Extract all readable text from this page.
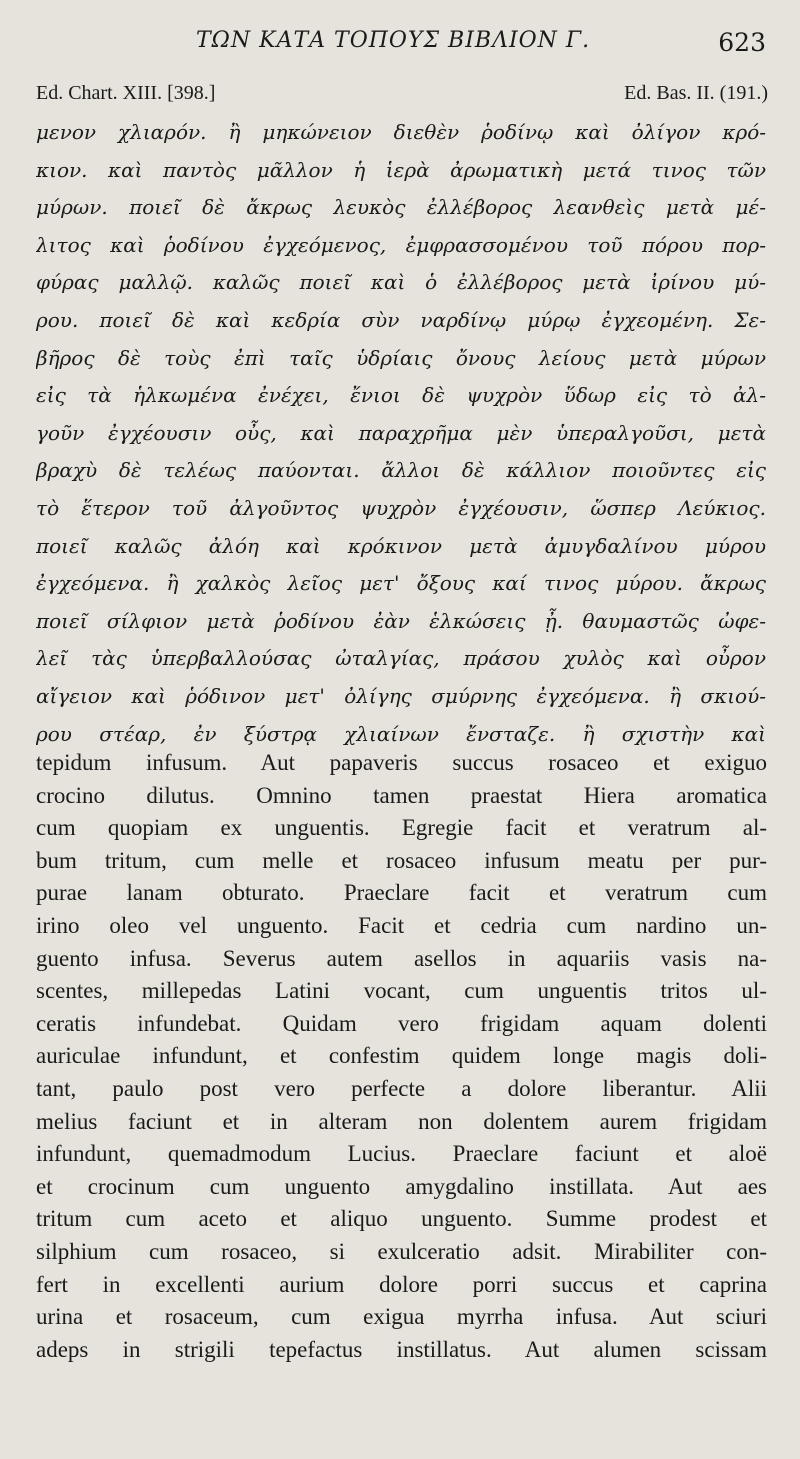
ΤΩΝ ΚΑΤΑ ΤΟΠΟΥΣ ΒΙΒΛΙΟΝ Γ.	623
Ed. Chart. XIII. [398.]	Ed. Bas. II. (191.)
μενον χλιαρόν. ἢ μηκώνειον διεθὲν ῥοδίνῳ καὶ ὀλίγον κρό-
κιον. καὶ παντὸς μᾶλλον ἡ ἱερὰ ἀρωματικὴ μετά τινος τῶν
μύρων. ποιεῖ δὲ ἄκρως λευκὸς ἐλλέβορος λεανθεὶς μετὰ μέ-
λιτος καὶ ῥοδίνου ἐγχεόμενος, ἐμφρασσομένου τοῦ πόρου πορ-
φύρας μαλλῷ. καλῶς ποιεῖ καὶ ὁ ἐλλέβορος μετὰ ἰρίνου μύ-
ρου. ποιεῖ δὲ καὶ κεδρία σὺν ναρδίνῳ μύρῳ ἐγχεομένη. Σε-
βῆρος δὲ τοὺς ἐπὶ ταῖς ὑδρίαις ὄνους λείους μετὰ μύρων
εἰς τὰ ἡλκωμένα ἐνέχει, ἔνιοι δὲ ψυχρὸν ὕδωρ εἰς τὸ ἀλ-
γοῦν ἐγχέουσιν οὖς, καὶ παραχρῆμα μὲν ὑπεραλγοῦσι, μετὰ
βραχὺ δὲ τελέως παύονται. ἄλλοι δὲ κάλλιον ποιοῦντες εἰς
τὸ ἕτερον τοῦ ἀλγοῦντος ψυχρὸν ἐγχέουσιν, ὥσπερ Λεύκιος.
ποιεῖ καλῶς ἀλόη καὶ κρόκινον μετὰ ἀμυγδαλίνου μύρου
ἐγχεόμενα. ἢ χαλκὸς λεῖος μετ' ὄξους καί τινος μύρου. ἄκρως
ποιεῖ σίλφιον μετὰ ῥοδίνου ἐὰν ἑλκώσεις ᾖ. θαυμαστῶς ὠφε-
λεῖ τὰς ὑπερβαλλούσας ὠταλγίας, πράσου χυλὸς καὶ οὖρον
αἴγειον καὶ ῥόδινον μετ' ὀλίγης σμύρνης ἐγχεόμενα. ἢ σκιού-
ρου στέαρ, ἐν ξύστρᾳ χλιαίνων ἔνσταζε. ἢ σχιστὴν καὶ
tepidum infusum. Aut papaveris succus rosaceo et exiguo
crocino dilutus. Omnino tamen praestat Hiera aromatica
cum quopiam ex unguentis. Egregie facit et veratrum al-
bum tritum, cum melle et rosaceo infusum meatu per pur-
purae lanam obturato. Praeclare facit et veratrum cum
irino oleo vel unguento. Facit et cedria cum nardino un-
guento infusa. Severus autem asellos in aquariis vasis na-
scentes, millepedas Latini vocant, cum unguentis tritos ul-
ceratis infundebat. Quidam vero frigidam aquam dolenti
auriculae infundunt, et confestim quidem longe magis doli-
tant, paulo post vero perfecte a dolore liberantur. Alii
melius faciunt et in alteram non dolentem aurem frigidam
infundunt, quemadmodum Lucius. Praeclare faciunt et aloë
et crocinum cum unguento amygdalino instillata. Aut aes
tritum cum aceto et aliquo unguento. Summe prodest et
silphium cum rosaceo, si exulceratio adsit. Mirabiliter con-
fert in excellenti aurium dolore porri succus et caprina
urina et rosaceum, cum exigua myrrha infusa. Aut sciuri
adeps in strigili tepefactus instillatus. Aut alumen scissam
